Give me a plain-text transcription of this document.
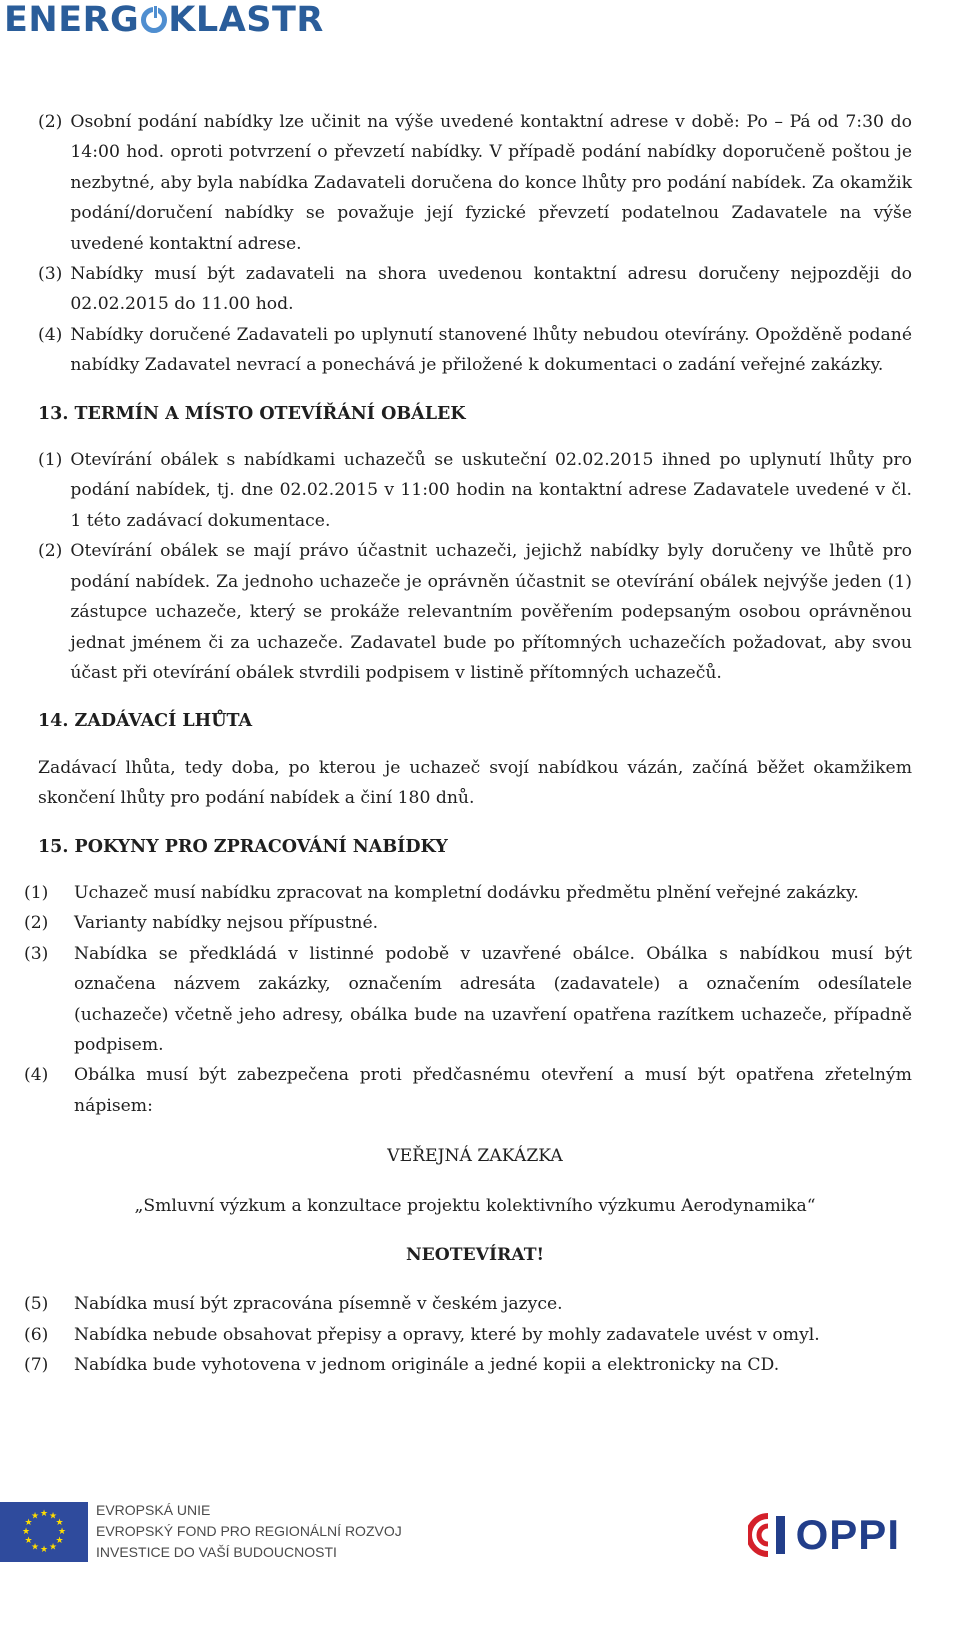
ENERG KLASTR
(2) Osobní podání nabídky lze učinit na výše uvedené kontaktní adrese v době: Po – Pá od 7:30 do 14:00 hod. oproti potvrzení o převzetí nabídky. V případě podání nabídky doporučeně poštou je nezbytné, aby byla nabídka Zadavateli doručena do konce lhůty pro podání nabídek. Za okamžik podání/doručení nabídky se považuje její fyzické převzetí podatelnou Zadavatele na výše uvedené kontaktní adrese.
(3) Nabídky musí být zadavateli na shora uvedenou kontaktní adresu doručeny nejpozději do 02.02.2015 do 11.00 hod.
(4) Nabídky doručené Zadavateli po uplynutí stanovené lhůty nebudou otevírány. Opožděně podané nabídky Zadavatel nevrací a ponechává je přiložené k dokumentaci o zadání veřejné zakázky.

13. TERMÍN A MÍSTO OTEVÍŘÁNÍ OBÁLEK

(1) Otevírání obálek s nabídkami uchazečů se uskuteční 02.02.2015 ihned po uplynutí lhůty pro podání nabídek, tj. dne 02.02.2015 v 11:00 hodin na kontaktní adrese Zadavatele uvedené v čl. 1 této zadávací dokumentace.
(2) Otevírání obálek se mají právo účastnit uchazeči, jejichž nabídky byly doručeny ve lhůtě pro podání nabídek. Za jednoho uchazeče je oprávněn účastnit se otevírání obálek nejvýše jeden (1) zástupce uchazeče, který se prokáže relevantním pověřením podepsaným osobou oprávněnou jednat jménem či za uchazeče. Zadavatel bude po přítomných uchazečích požadovat, aby svou účast při otevírání obálek stvrdili podpisem v listině přítomných uchazečů.

14. ZADÁVACÍ LHŮTA

Zadávací lhůta, tedy doba, po kterou je uchazeč svojí nabídkou vázán, začíná běžet okamžikem skončení lhůty pro podání nabídek a činí 180 dnů.

15. POKYNY PRO ZPRACOVÁNÍ NABÍDKY

(1)	Uchazeč musí nabídku zpracovat na kompletní dodávku předmětu plnění veřejné zakázky.
(2)	Varianty nabídky nejsou přípustné.
(3)	Nabídka se předkládá v listinné podobě v uzavřené obálce. Obálka s nabídkou musí být označena názvem zakázky, označením adresáta (zadavatele) a označením odesílatele (uchazeče) včetně jeho adresy, obálka bude na uzavření opatřena razítkem uchazeče, případně podpisem.
(4)	Obálka musí být zabezpečena proti předčasnému otevření a musí být opatřena zřetelným nápisem:

VEŘEJNÁ ZAKÁZKA

„Smluvní výzkum a konzultace projektu kolektivního výzkumu Aerodynamika“

NEOTEVÍRAT!

(5)	Nabídka musí být zpracována písemně v českém jazyce.
(6)	Nabídka nebude obsahovat přepisy a opravy, které by mohly zadavatele uvést v omyl.
(7)	Nabídka bude vyhotovena v jednom originále a jedné kopii a elektronicky na CD.
★ ★
★
★
★
★
★
★
★
★
★
★	EVROPSKÁ UNIE
EVROPSKÝ FOND PRO REGIONÁLNÍ ROZVOJ
INVESTICE DO VAŠÍ BUDOUCNOSTI	OPPI
